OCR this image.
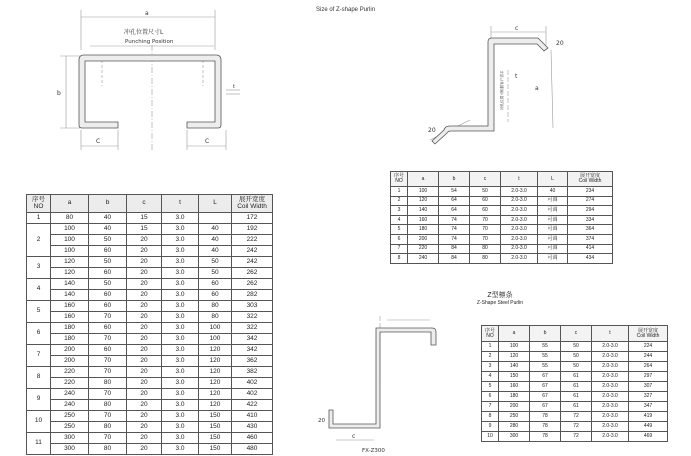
a
b
C	C
t
冲孔位置尺寸L
Punching Position
Size of Z-shape Purlin
c
20
a
20
t
冲孔位置可根据客户需求
Z型檩条
Z-Shape Steel Purlin
20
c
FX-Z300
序号
NO	a	b	c	t	L	展开宽度
Coil Width

1	80	40	15	3.0		172
2	100	40	15	3.0	40	192
	100	50	20	3.0	40	222
	100	60	20	3.0	40	242
3	120	50	20	3.0	50	242
	120	60	20	3.0	50	262
4	140	50	20	3.0	60	262
	140	60	20	3.0	60	282
5	160	60	20	3.0	80	303
	160	70	20	3.0	80	322
6	180	60	20	3.0	100	322
	180	70	20	3.0	100	342
7	200	60	20	3.0	120	342
	200	70	20	3.0	120	362
8	220	70	20	3.0	120	382
	220	80	20	3.0	120	402
9	240	70	20	3.0	120	402
	240	80	20	3.0	120	422
10	250	70	20	3.0	150	410
	250	80	20	3.0	150	430
11	300	70	20	3.0	150	460
	300	80	20	3.0	150	480
序号
NO	a	b	c	t	L	展开宽度
Coil Width

1	100	54	50	2.0-3.0	40	234
2	120	64	60	2.0-3.0	可调	274
3	140	64	60	2.0-3.0	可调	294
4	160	74	70	2.0-3.0	可调	334
5	180	74	70	2.0-3.0	可调	364
6	200	74	70	2.0-3.0	可调	374
7	220	84	80	2.0-3.0	可调	414
8	240	84	80	2.0-3.0	可调	434
序号
NO	a	b	c	t	展开宽度
Coil Width

1	100	55	50	2.0-3.0	224
2	120	55	50	2.0-3.0	244
3	140	55	50	2.0-3.0	264
4	150	67	61	2.0-3.0	297
5	160	67	61	2.0-3.0	307
6	180	67	61	2.0-3.0	327
7	200	67	61	2.0-3.0	347
8	250	78	72	2.0-3.0	419
9	280	78	72	2.0-3.0	449
10	300	78	72	2.0-3.0	469
